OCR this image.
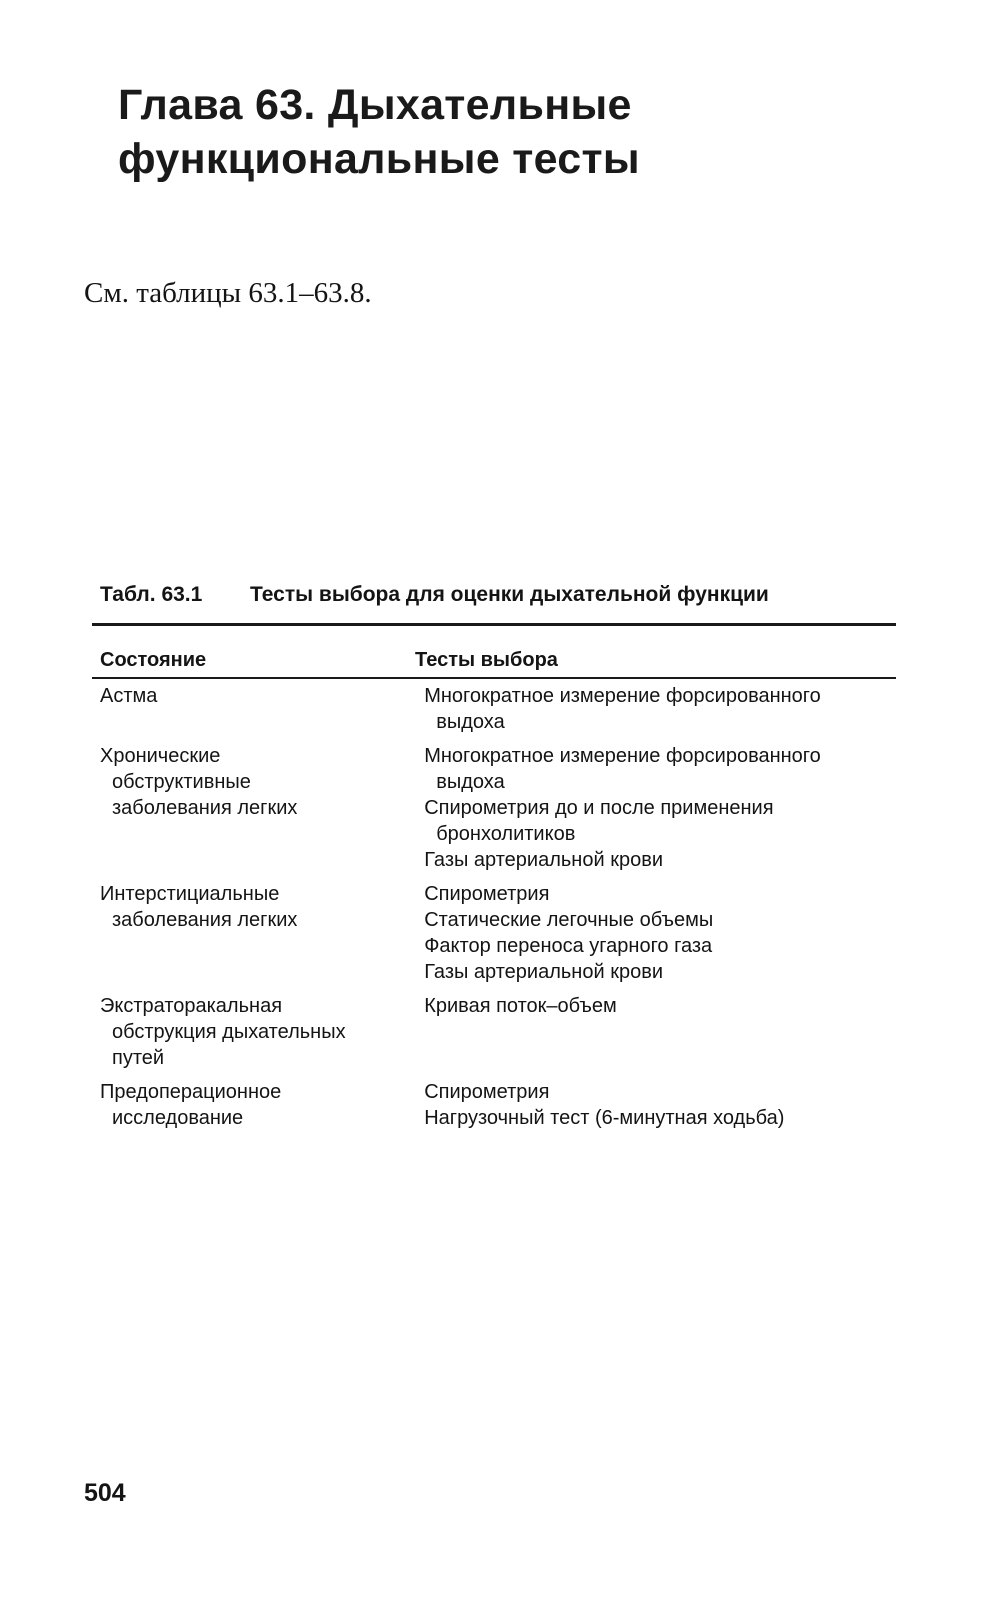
Глава 63. Дыхательные
функциональные тесты

См. таблицы 63.1–63.8.

Табл. 63.1 Тесты выбора для оценки дыхательной функции

Состояние	Тесты выбора

Астма	Многократное измерение форсированного
выдоха
Хронические
обструктивные
заболевания легких
Многократное измерение форсированного
выдоха
Спирометрия до и после применения
бронхолитиков
Газы артериальной крови
Интерстициальные
заболевания легких
Спирометрия
Статические легочные объемы
Фактор переноса угарного газа
Газы артериальной крови
Экстраторакальная
обструкция дыхательных
путей
Кривая поток–объем
Предоперационное
исследование
Спирометрия
Нагрузочный тест (6-минутная ходьба)

504
